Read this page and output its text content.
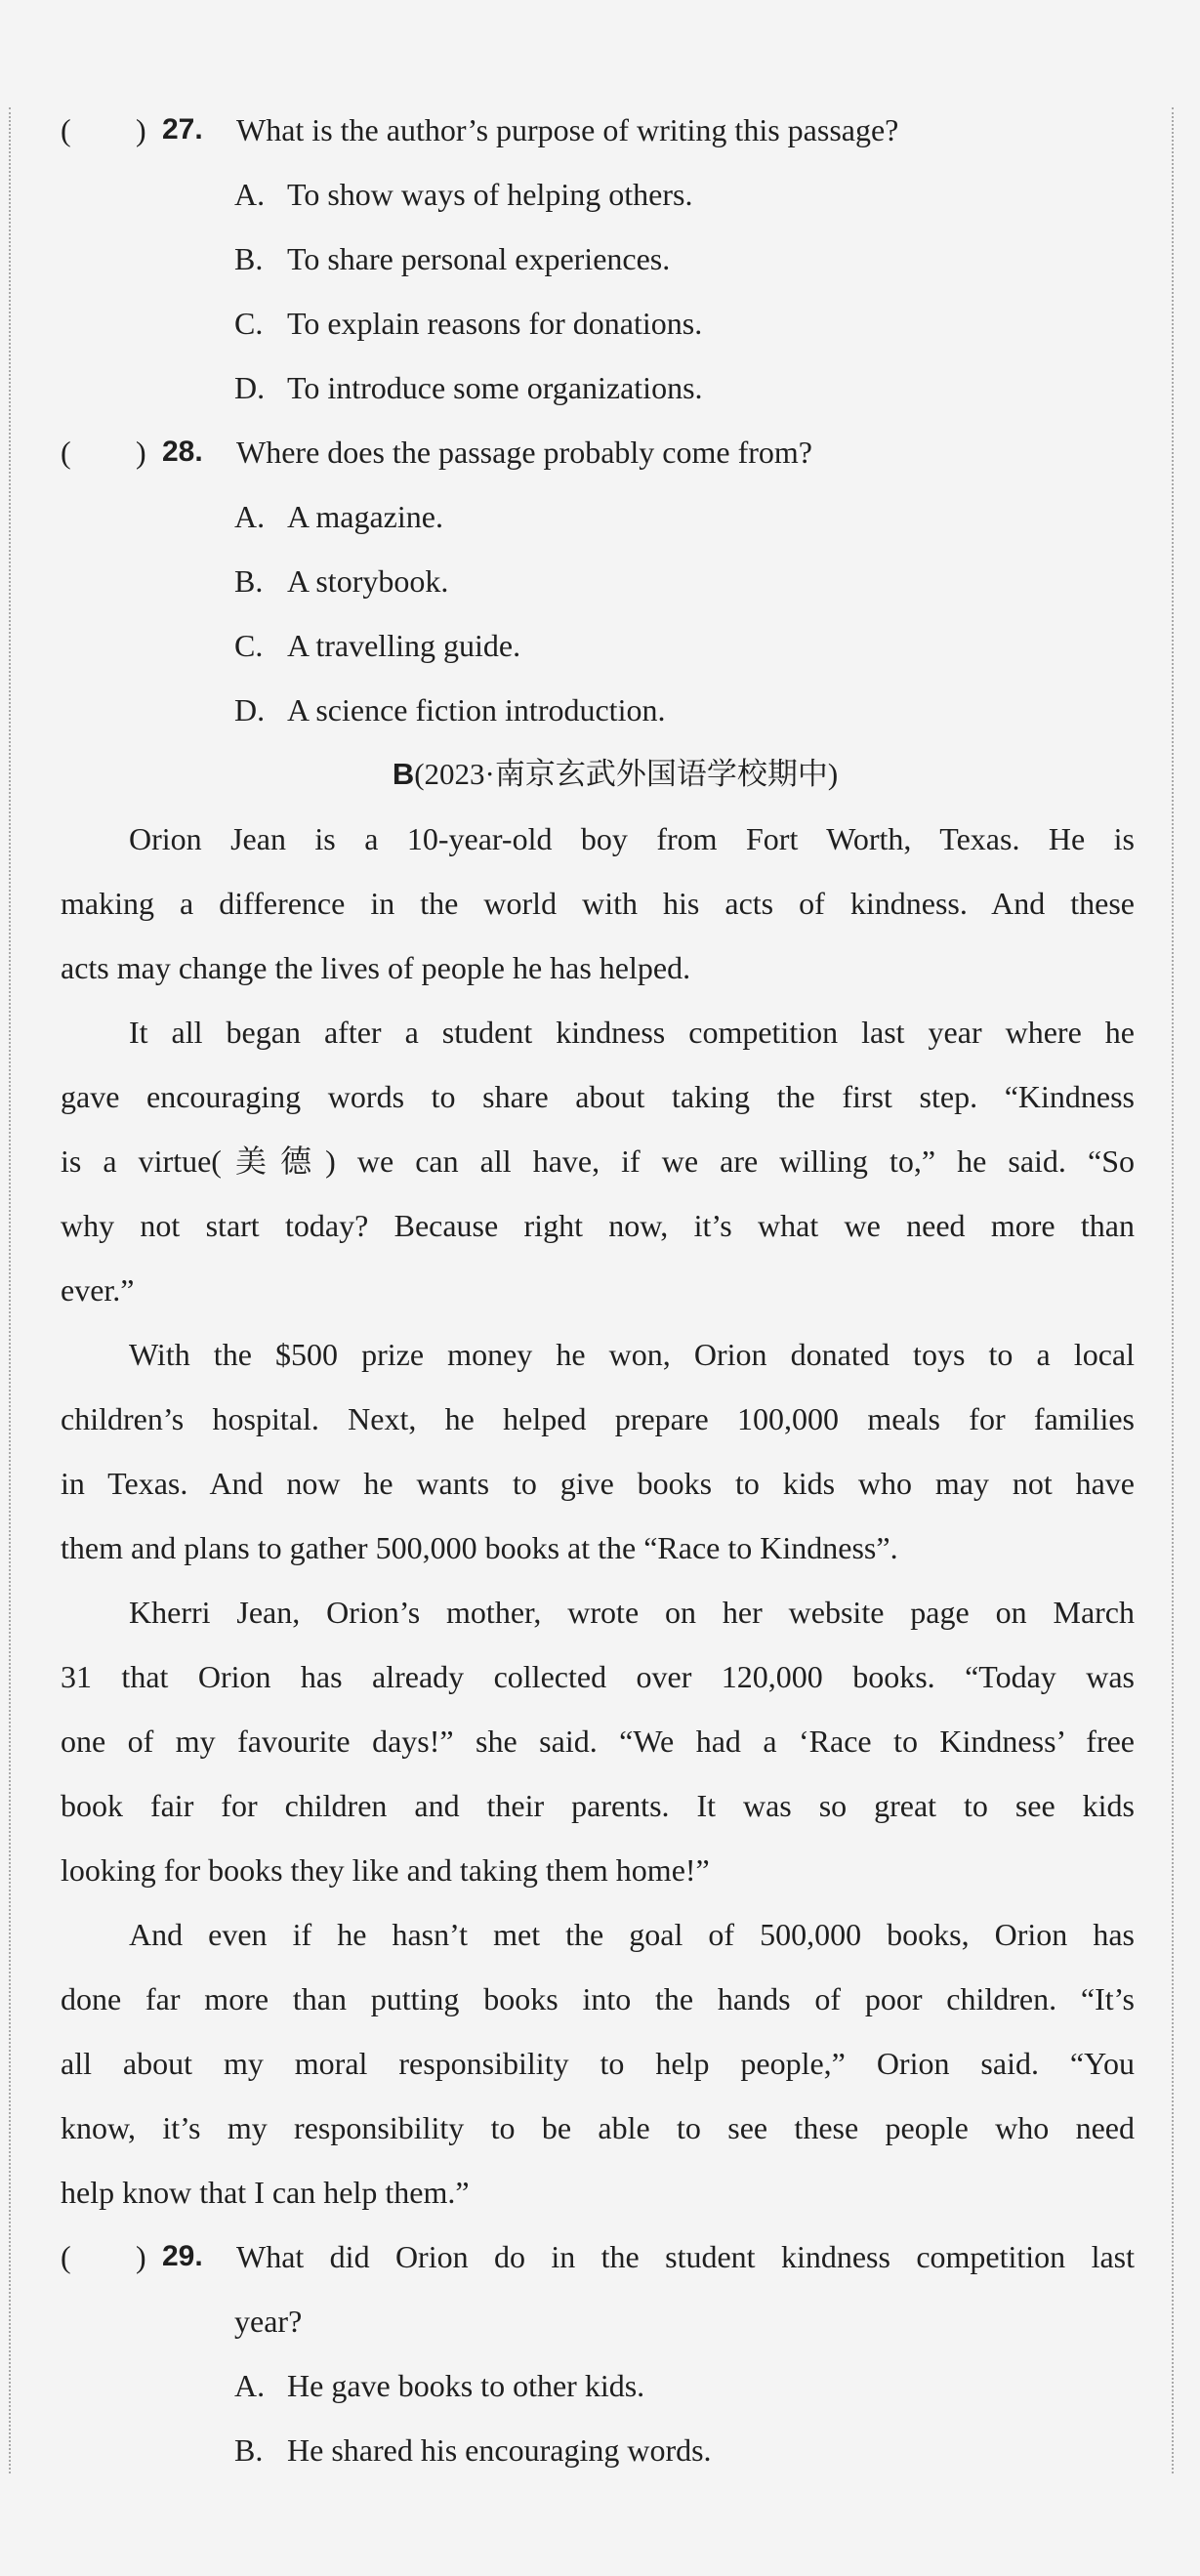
( ) 27. What is the author’s purpose of writing this passage?
A. To show ways of helping others.
B. To share personal experiences.
C. To explain reasons for donations.
D. To introduce some organizations.
( ) 28. Where does the passage probably come from?
A. A magazine.
B. A storybook.
C. A travelling guide.
D. A science fiction introduction.
B(2023·南京玄武外国语学校期中)
Orion Jean is a 10-year-old boy from Fort Worth, Texas. He is
making a difference in the world with his acts of kindness. And these
acts may change the lives of people he has helped.
It all began after a student kindness competition last year where he
gave encouraging words to share about taking the first step. “Kindness
is a virtue(美德) we can all have, if we are willing to,” he said. “So
why not start today? Because right now, it’s what we need more than
ever.”
With the $500 prize money he won, Orion donated toys to a local
children’s hospital. Next, he helped prepare 100,000 meals for families
in Texas. And now he wants to give books to kids who may not have
them and plans to gather 500,000 books at the “Race to Kindness”.
Kherri Jean, Orion’s mother, wrote on her website page on March
31 that Orion has already collected over 120,000 books. “Today was
one of my favourite days!” she said. “We had a ‘Race to Kindness’ free
book fair for children and their parents. It was so great to see kids
looking for books they like and taking them home!”
And even if he hasn’t met the goal of 500,000 books, Orion has
done far more than putting books into the hands of poor children. “It’s
all about my moral responsibility to help people,” Orion said. “You
know, it’s my responsibility to be able to see these people who need
help know that I can help them.”
( ) 29. What did Orion do in the student kindness competition last
year?
A. He gave books to other kids.
B. He shared his encouraging words.
